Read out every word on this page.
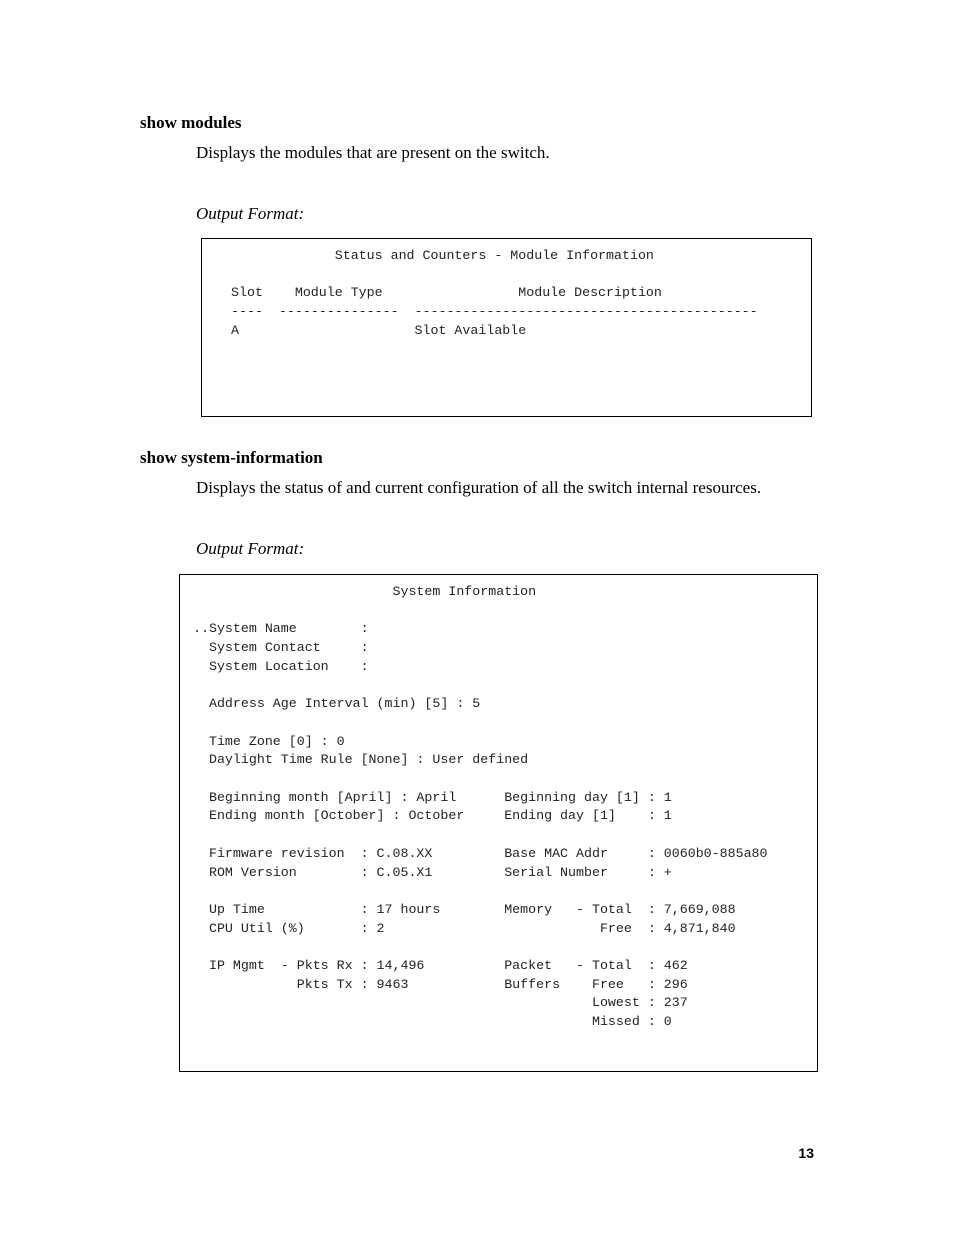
show modules
Displays the modules that are present on the switch.
Output Format:
Status and Counters - Module Information
Slot    Module Type                 Module Description
----  ---------------  -------------------------------------------
A                      Slot Available
show system-information
Displays the status of and current configuration of all the switch internal resources.
Output Format:
System Information
..System Name        :
System Contact     :
System Location    :
Address Age Interval (min) [5] : 5
Time Zone [0] : 0
Daylight Time Rule [None] : User defined
Beginning month [April] : April      Beginning day [1] : 1
Ending month [October] : October     Ending day [1]    : 1
Firmware revision  : C.08.XX         Base MAC Addr     : 0060b0-885a80
ROM Version        : C.05.X1         Serial Number     : +
Up Time            : 17 hours        Memory   - Total  : 7,669,088
CPU Util (%)       : 2                           Free  : 4,871,840
IP Mgmt  - Pkts Rx : 14,496          Packet   - Total  : 462
Pkts Tx : 9463            Buffers    Free   : 296
Lowest : 237
Missed : 0
13
